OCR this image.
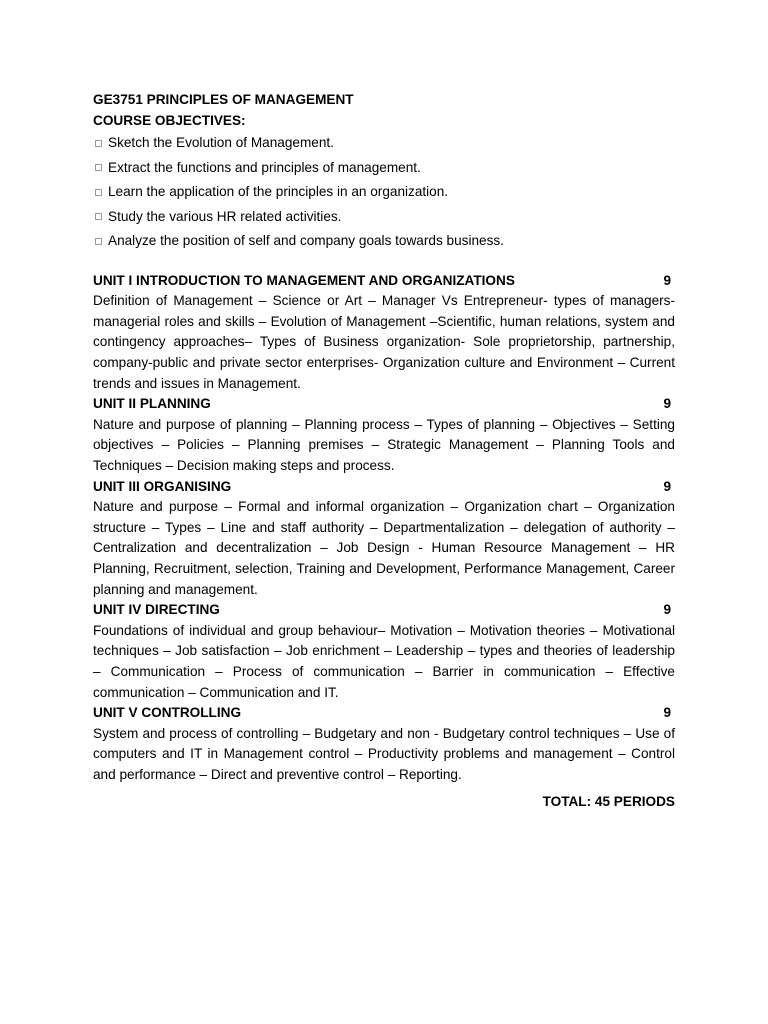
GE3751 PRINCIPLES OF MANAGEMENT
COURSE OBJECTIVES:
Sketch the Evolution of Management.
Extract the functions and principles of management.
Learn the application of the principles in an organization.
Study the various HR related activities.
Analyze the position of self and company goals towards business.
UNIT I INTRODUCTION TO MANAGEMENT AND ORGANIZATIONS	9
Definition of Management – Science or Art – Manager Vs Entrepreneur- types of managers-managerial roles and skills – Evolution of Management –Scientific, human relations, system and contingency approaches– Types of Business organization- Sole proprietorship, partnership, company-public and private sector enterprises- Organization culture and Environment – Current trends and issues in Management.
UNIT II PLANNING	9
Nature and purpose of planning – Planning process – Types of planning – Objectives – Setting objectives – Policies – Planning premises – Strategic Management – Planning Tools and Techniques – Decision making steps and process.
UNIT III ORGANISING	9
Nature and purpose – Formal and informal organization – Organization chart – Organization structure – Types – Line and staff authority – Departmentalization – delegation of authority – Centralization and decentralization – Job Design - Human Resource Management – HR Planning, Recruitment, selection, Training and Development, Performance Management, Career planning and management.
UNIT IV DIRECTING	9
Foundations of individual and group behaviour– Motivation – Motivation theories – Motivational techniques – Job satisfaction – Job enrichment – Leadership – types and theories of leadership – Communication – Process of communication – Barrier in communication – Effective communication – Communication and IT.
UNIT V CONTROLLING	9
System and process of controlling – Budgetary and non - Budgetary control techniques – Use of computers and IT in Management control – Productivity problems and management – Control and performance – Direct and preventive control – Reporting.
TOTAL: 45 PERIODS
